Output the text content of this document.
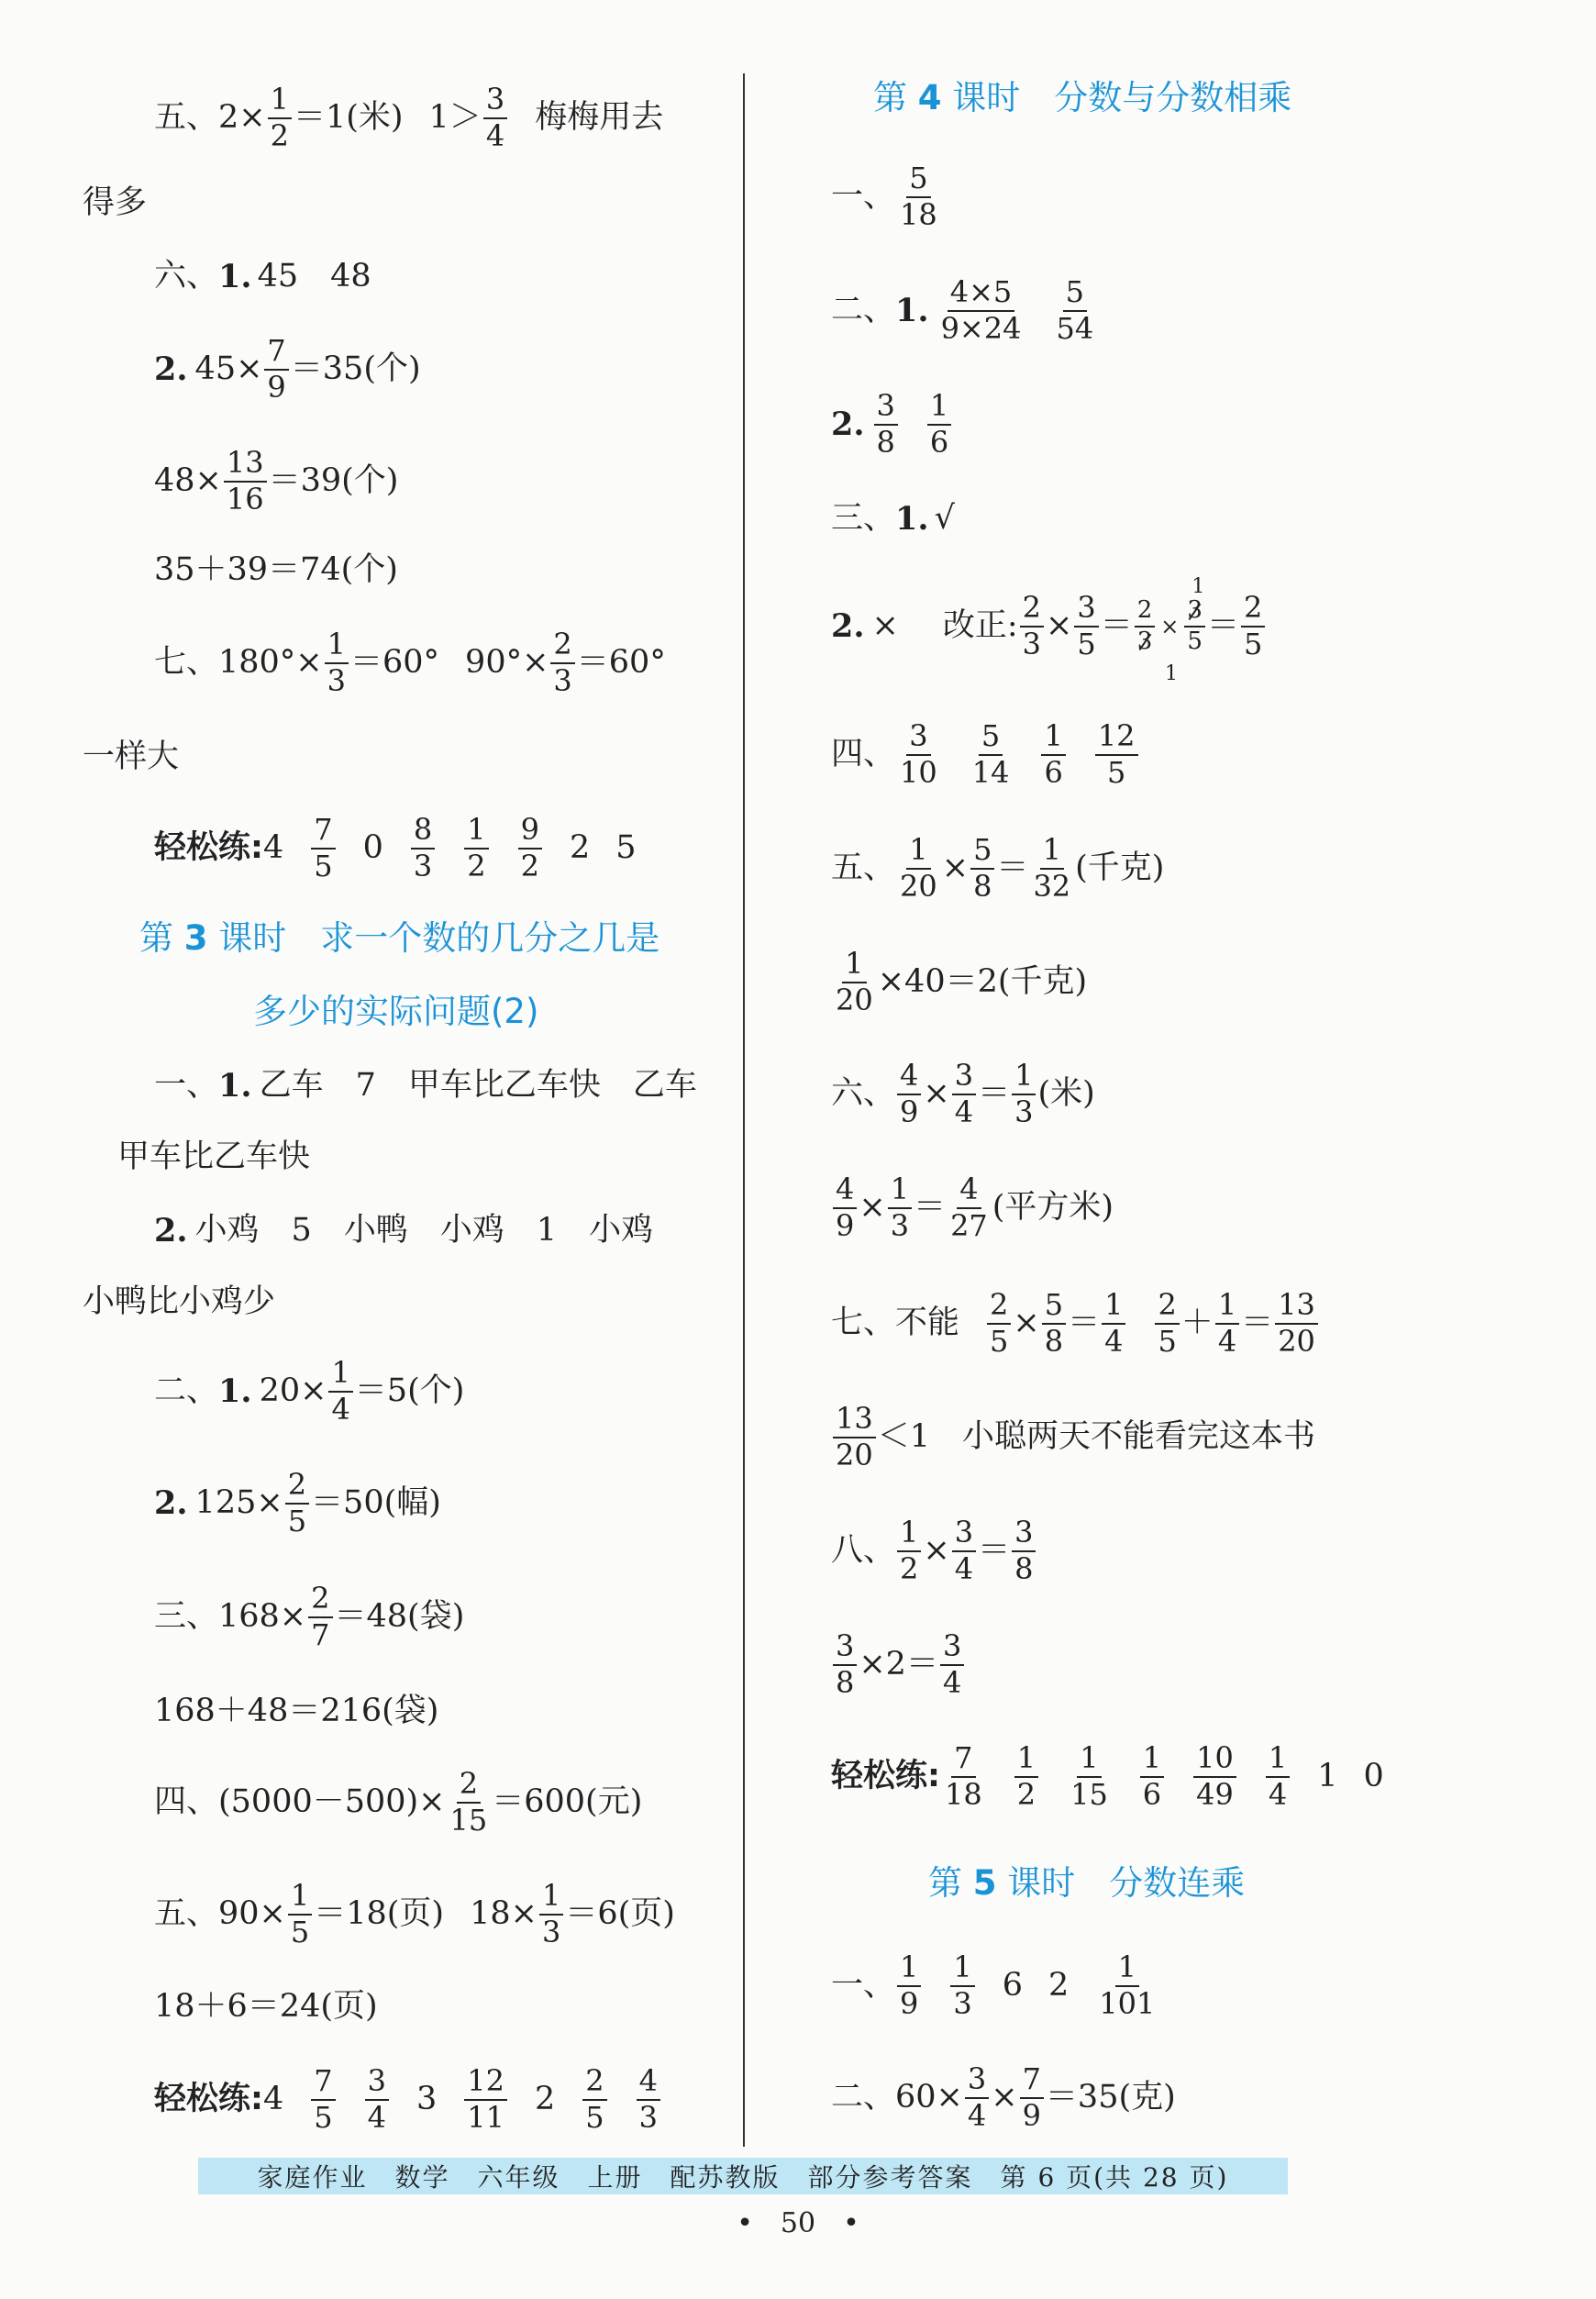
五、$2\times \frac{1}{2} =1$(米) 1＞
3
4 梅梅用去
得多
六、 1. 45　48
2. $45\times \frac{7}{9} =35$(个)
$48\times \frac{13}{16} =39$(个)
35＋39＝74(个)
七、$180^\circ\times \frac{1}{3} =60^\circ$ $90^\circ\times \frac{2}{3} =60^\circ$
一样大
轻松练: 4
7
5 0
8
3
1
2
9
2 2 5
第
3
课时　求一个数的几分之几是
多少的实际问题(2)
一、 1. 乙车　7　甲车比乙车快　乙车
甲车比乙车快
2. 小鸡　5　小鸭　小鸡　1　小鸡
小鸭比小鸡少
二、 1. $20\times \frac{1}{4} =5$(个)
2. $125\times \frac{2}{5} =50$(幅)
三、$168\times \frac{2}{7} =48$(袋)
168＋48＝216(袋)
四、$(5000-500)\times \frac{2}{15} =600$(元)
五、$90\times \frac{1}{5} =18$(页) $18\times \frac{1}{3} =6$(页)
18＋6＝24(页)
轻松练: 4
7
5
3
4 3
12
11 2
2
5
4
3
第
4
课时　分数与分数相乘
一、
5
18
二、 1.
4×5
9×24
5
54
2.
3
8
1
6
三、 1. √
2. × 改正: $\frac{2}{3} \times \frac{3}{5} = \frac{2}{3}$ ×
1
3
5 ＝
2
5
1
四、
3
10
5
14
1
6
12
5
五、 $\frac{1}{20} \times \frac{5}{8}$ ＝
1
32 (千克)
$\frac{1}{20} \times 40=2$(千克)
六、 $\frac{4}{9} \times \frac{3}{4}$ ＝
1
3 (米)
$\frac{4}{9} \times \frac{1}{3}$ ＝
4
27 (平方米)
七、不能 $\frac{2}{5} \times \frac{5}{8}$ ＝
1
4
2
5 ＋
1
4 ＝
13
20
13
20 ＜1　小聪两天不能看完这本书
八、 $\frac{1}{2} \times \frac{3}{4}$ ＝
3
8
$\frac{3}{8} \times 2=$
3
4
轻松练:
7
18
1
2
1
15
1
6
10
49
1
4 1 0
第
5
课时　分数连乘
一、
1
9
1
3 6 2
1
101
二、$60\times \frac{3}{4} \times \frac{7}{9} =35$(克)
家庭作业　数学　六年级　上册　配苏教版　部分参考答案　第 6 页(共 28 页)
•　50　•
